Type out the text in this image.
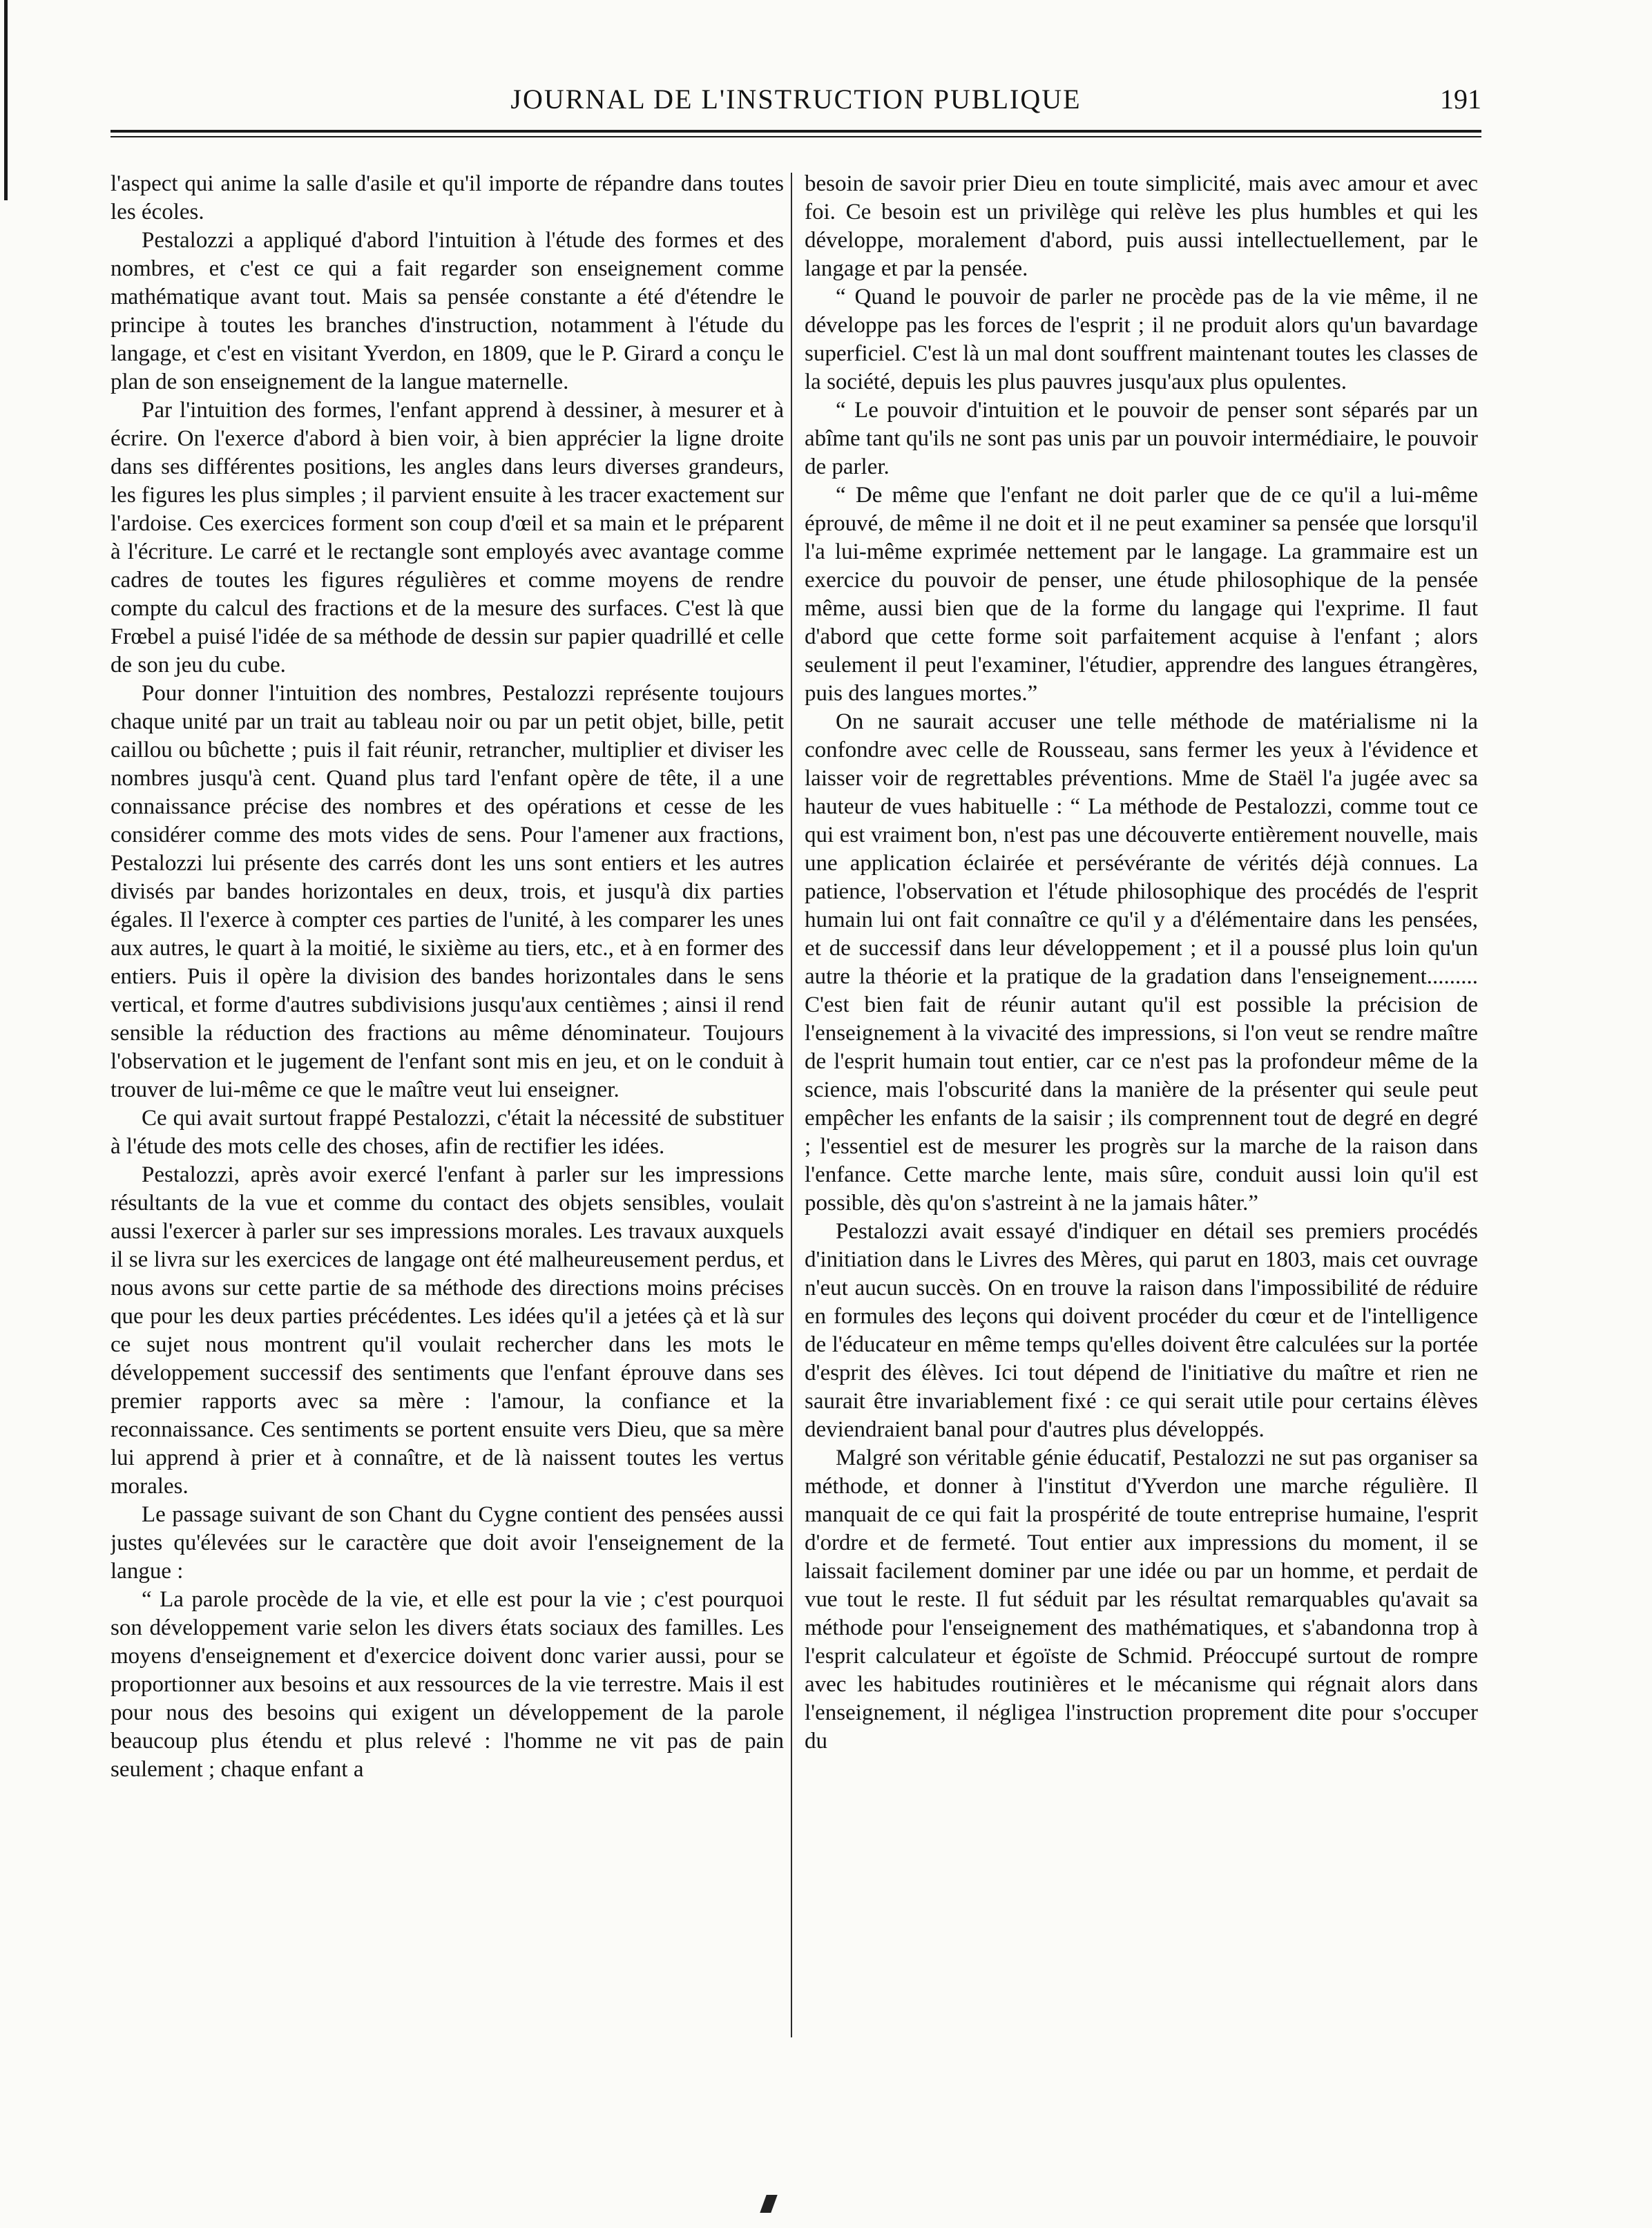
JOURNAL DE L'INSTRUCTION PUBLIQUE	191

l'aspect qui anime la salle d'asile et qu'il importe de répandre dans toutes les écoles.

Pestalozzi a appliqué d'abord l'intuition à l'étude des formes et des nombres, et c'est ce qui a fait regarder son enseignement comme mathématique avant tout. Mais sa pensée constante a été d'étendre le principe à toutes les branches d'instruction, notamment à l'étude du langage, et c'est en visitant Yverdon, en 1809, que le P. Girard a conçu le plan de son enseignement de la langue maternelle.

Par l'intuition des formes, l'enfant apprend à dessiner, à mesurer et à écrire. On l'exerce d'abord à bien voir, à bien apprécier la ligne droite dans ses différentes positions, les angles dans leurs diverses grandeurs, les figures les plus simples ; il parvient ensuite à les tracer exactement sur l'ardoise. Ces exercices forment son coup d'œil et sa main et le préparent à l'écriture. Le carré et le rectangle sont employés avec avantage comme cadres de toutes les figures régulières et comme moyens de rendre compte du calcul des fractions et de la mesure des surfaces. C'est là que Frœbel a puisé l'idée de sa méthode de dessin sur papier quadrillé et celle de son jeu du cube.

Pour donner l'intuition des nombres, Pestalozzi représente toujours chaque unité par un trait au tableau noir ou par un petit objet, bille, petit caillou ou bûchette ; puis il fait réunir, retrancher, multiplier et diviser les nombres jusqu'à cent. Quand plus tard l'enfant opère de tête, il a une connaissance précise des nombres et des opérations et cesse de les considérer comme des mots vides de sens. Pour l'amener aux fractions, Pestalozzi lui présente des carrés dont les uns sont entiers et les autres divisés par bandes horizontales en deux, trois, et jusqu'à dix parties égales. Il l'exerce à compter ces parties de l'unité, à les comparer les unes aux autres, le quart à la moitié, le sixième au tiers, etc., et à en former des entiers. Puis il opère la division des bandes horizontales dans le sens vertical, et forme d'autres subdivisions jusqu'aux centièmes ; ainsi il rend sensible la réduction des fractions au même dénominateur. Toujours l'observation et le jugement de l'enfant sont mis en jeu, et on le conduit à trouver de lui-même ce que le maître veut lui enseigner.

Ce qui avait surtout frappé Pestalozzi, c'était la nécessité de substituer à l'étude des mots celle des choses, afin de rectifier les idées.

Pestalozzi, après avoir exercé l'enfant à parler sur les impressions résultants de la vue et comme du contact des objets sensibles, voulait aussi l'exercer à parler sur ses impressions morales. Les travaux auxquels il se livra sur les exercices de langage ont été malheureusement perdus, et nous avons sur cette partie de sa méthode des directions moins précises que pour les deux parties précédentes. Les idées qu'il a jetées çà et là sur ce sujet nous montrent qu'il voulait rechercher dans les mots le développement successif des sentiments que l'enfant éprouve dans ses premier rapports avec sa mère : l'amour, la confiance et la reconnaissance. Ces sentiments se portent ensuite vers Dieu, que sa mère lui apprend à prier et à connaître, et de là naissent toutes les vertus morales.

Le passage suivant de son Chant du Cygne contient des pensées aussi justes qu'élevées sur le caractère que doit avoir l'enseignement de la langue :

“ La parole procède de la vie, et elle est pour la vie ; c'est pourquoi son développement varie selon les divers états sociaux des familles. Les moyens d'enseignement et d'exercice doivent donc varier aussi, pour se proportionner aux besoins et aux ressources de la vie terrestre. Mais il est pour nous des besoins qui exigent un développement de la parole beaucoup plus étendu et plus relevé : l'homme ne vit pas de pain seulement ; chaque enfant a

besoin de savoir prier Dieu en toute simplicité, mais avec amour et avec foi. Ce besoin est un privilège qui relève les plus humbles et qui les développe, moralement d'abord, puis aussi intellectuellement, par le langage et par la pensée.

“ Quand le pouvoir de parler ne procède pas de la vie même, il ne développe pas les forces de l'esprit ; il ne produit alors qu'un bavardage superficiel. C'est là un mal dont souffrent maintenant toutes les classes de la société, depuis les plus pauvres jusqu'aux plus opulentes.

“ Le pouvoir d'intuition et le pouvoir de penser sont séparés par un abîme tant qu'ils ne sont pas unis par un pouvoir intermédiaire, le pouvoir de parler.

“ De même que l'enfant ne doit parler que de ce qu'il a lui-même éprouvé, de même il ne doit et il ne peut examiner sa pensée que lorsqu'il l'a lui-même exprimée nettement par le langage. La grammaire est un exercice du pouvoir de penser, une étude philosophique de la pensée même, aussi bien que de la forme du langage qui l'exprime. Il faut d'abord que cette forme soit parfaitement acquise à l'enfant ; alors seulement il peut l'examiner, l'étudier, apprendre des langues étrangères, puis des langues mortes.”

On ne saurait accuser une telle méthode de matérialisme ni la confondre avec celle de Rousseau, sans fermer les yeux à l'évidence et laisser voir de regrettables préventions. Mme de Staël l'a jugée avec sa hauteur de vues habituelle : “ La méthode de Pestalozzi, comme tout ce qui est vraiment bon, n'est pas une découverte entièrement nouvelle, mais une application éclairée et persévérante de vérités déjà connues. La patience, l'observation et l'étude philosophique des procédés de l'esprit humain lui ont fait connaître ce qu'il y a d'élémentaire dans les pensées, et de successif dans leur développement ; et il a poussé plus loin qu'un autre la théorie et la pratique de la gradation dans l'enseignement......... C'est bien fait de réunir autant qu'il est possible la précision de l'enseignement à la vivacité des impressions, si l'on veut se rendre maître de l'esprit humain tout entier, car ce n'est pas la profondeur même de la science, mais l'obscurité dans la manière de la présenter qui seule peut empêcher les enfants de la saisir ; ils comprennent tout de degré en degré ; l'essentiel est de mesurer les progrès sur la marche de la raison dans l'enfance. Cette marche lente, mais sûre, conduit aussi loin qu'il est possible, dès qu'on s'astreint à ne la jamais hâter.”

Pestalozzi avait essayé d'indiquer en détail ses premiers procédés d'initiation dans le Livres des Mères, qui parut en 1803, mais cet ouvrage n'eut aucun succès. On en trouve la raison dans l'impossibilité de réduire en formules des leçons qui doivent procéder du cœur et de l'intelligence de l'éducateur en même temps qu'elles doivent être calculées sur la portée d'esprit des élèves. Ici tout dépend de l'initiative du maître et rien ne saurait être invariablement fixé : ce qui serait utile pour certains élèves deviendraient banal pour d'autres plus développés.

Malgré son véritable génie éducatif, Pestalozzi ne sut pas organiser sa méthode, et donner à l'institut d'Yverdon une marche régulière. Il manquait de ce qui fait la prospérité de toute entreprise humaine, l'esprit d'ordre et de fermeté. Tout entier aux impressions du moment, il se laissait facilement dominer par une idée ou par un homme, et perdait de vue tout le reste. Il fut séduit par les résultat remarquables qu'avait sa méthode pour l'enseignement des mathématiques, et s'abandonna trop à l'esprit calculateur et égoïste de Schmid. Préoccupé surtout de rompre avec les habitudes routinières et le mécanisme qui régnait alors dans l'enseignement, il négligea l'instruction proprement dite pour s'occuper du
